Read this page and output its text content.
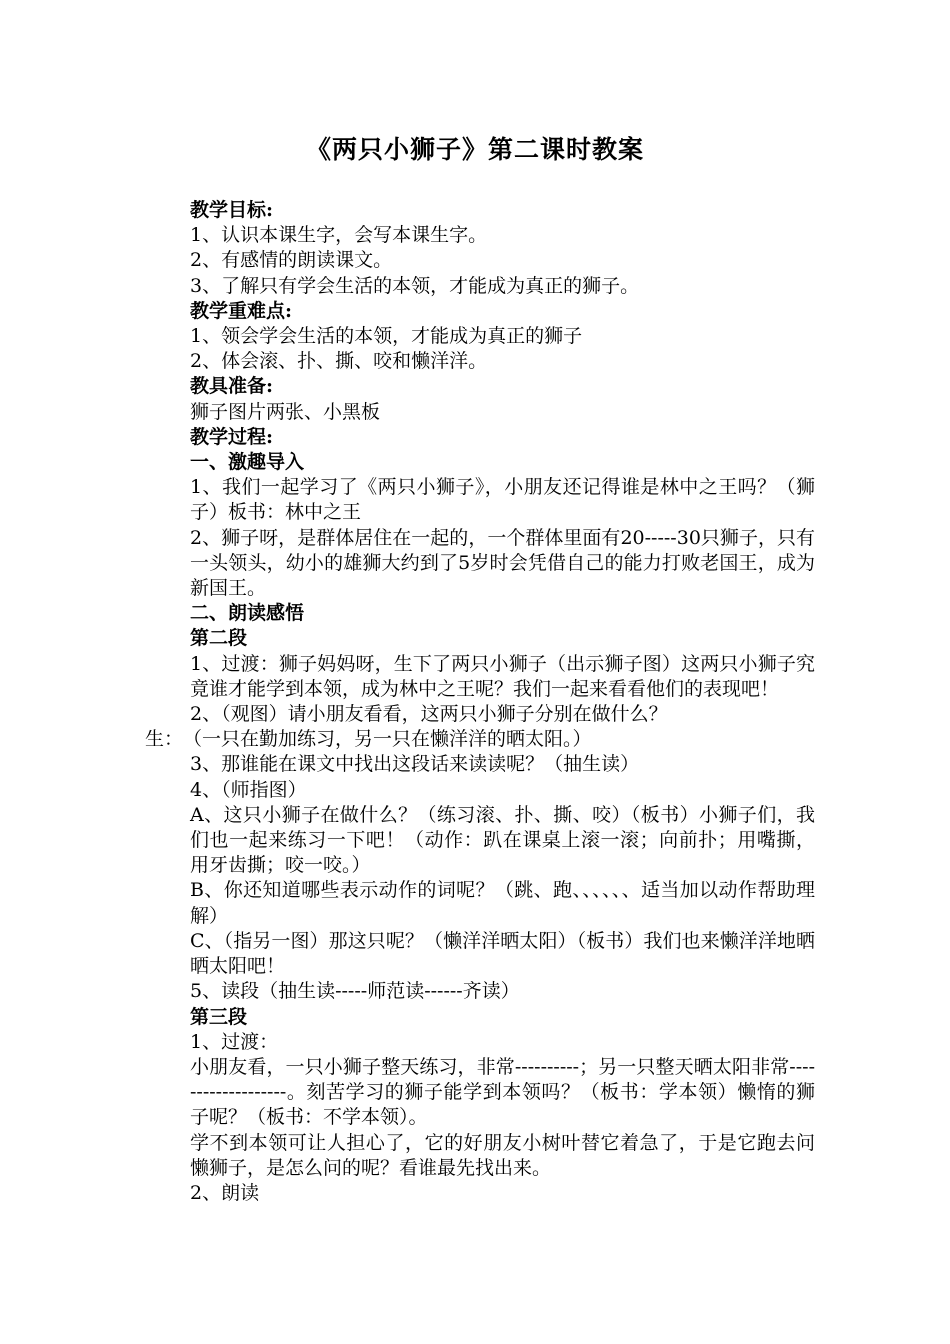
《两只小狮子》第二课时教案

教学目标:

1、认识本课生字，会写本课生字。

2、有感情的朗读课文。

3、了解只有学会生活的本领，才能成为真正的狮子。

教学重难点:

1、领会学会生活的本领，才能成为真正的狮子

2、体会滚、扑、撕、咬和懒洋洋。

教具准备:

狮子图片两张、小黑板

教学过程:

一、激趣导入

1、我们一起学习了《两只小狮子》，小朋友还记得谁是林中之王吗？（狮子）板书：林中之王

2、狮子呀，是群体居住在一起的，一个群体里面有20-----30只狮子，只有一头领头，幼小的雄狮大约到了5岁时会凭借自己的能力打败老国王，成为新国王。

二、朗读感悟

第二段

1、过渡：狮子妈妈呀，生下了两只小狮子（出示狮子图）这两只小狮子究竟谁才能学到本领，成为林中之王呢？我们一起来看看他们的表现吧！

2、（观图）请小朋友看看，这两只小狮子分别在做什么？

生：　（一只在勤加练习，另一只在懒洋洋的晒太阳。）

3、那谁能在课文中找出这段话来读读呢？（抽生读）

4、（师指图）

A、这只小狮子在做什么？（练习滚、扑、撕、咬）（板书）小狮子们，我们也一起来练习一下吧！（动作：趴在课桌上滚一滚；向前扑；用嘴撕，用牙齿撕；咬一咬。）

B、你还知道哪些表示动作的词呢？（跳、跑、、、、、、适当加以动作帮助理解）

C、（指另一图）那这只呢？（懒洋洋晒太阳）（板书）我们也来懒洋洋地晒晒太阳吧！

5、读段（抽生读-----师范读------齐读）

第三段

1、过渡：

小朋友看，一只小狮子整天练习，非常----------；另一只整天晒太阳非常-------------------。刻苦学习的狮子能学到本领吗？（板书：学本领）懒惰的狮子呢？（板书：不学本领）。

学不到本领可让人担心了，它的好朋友小树叶替它着急了，于是它跑去问懒狮子，是怎么问的呢？看谁最先找出来。

2、朗读
